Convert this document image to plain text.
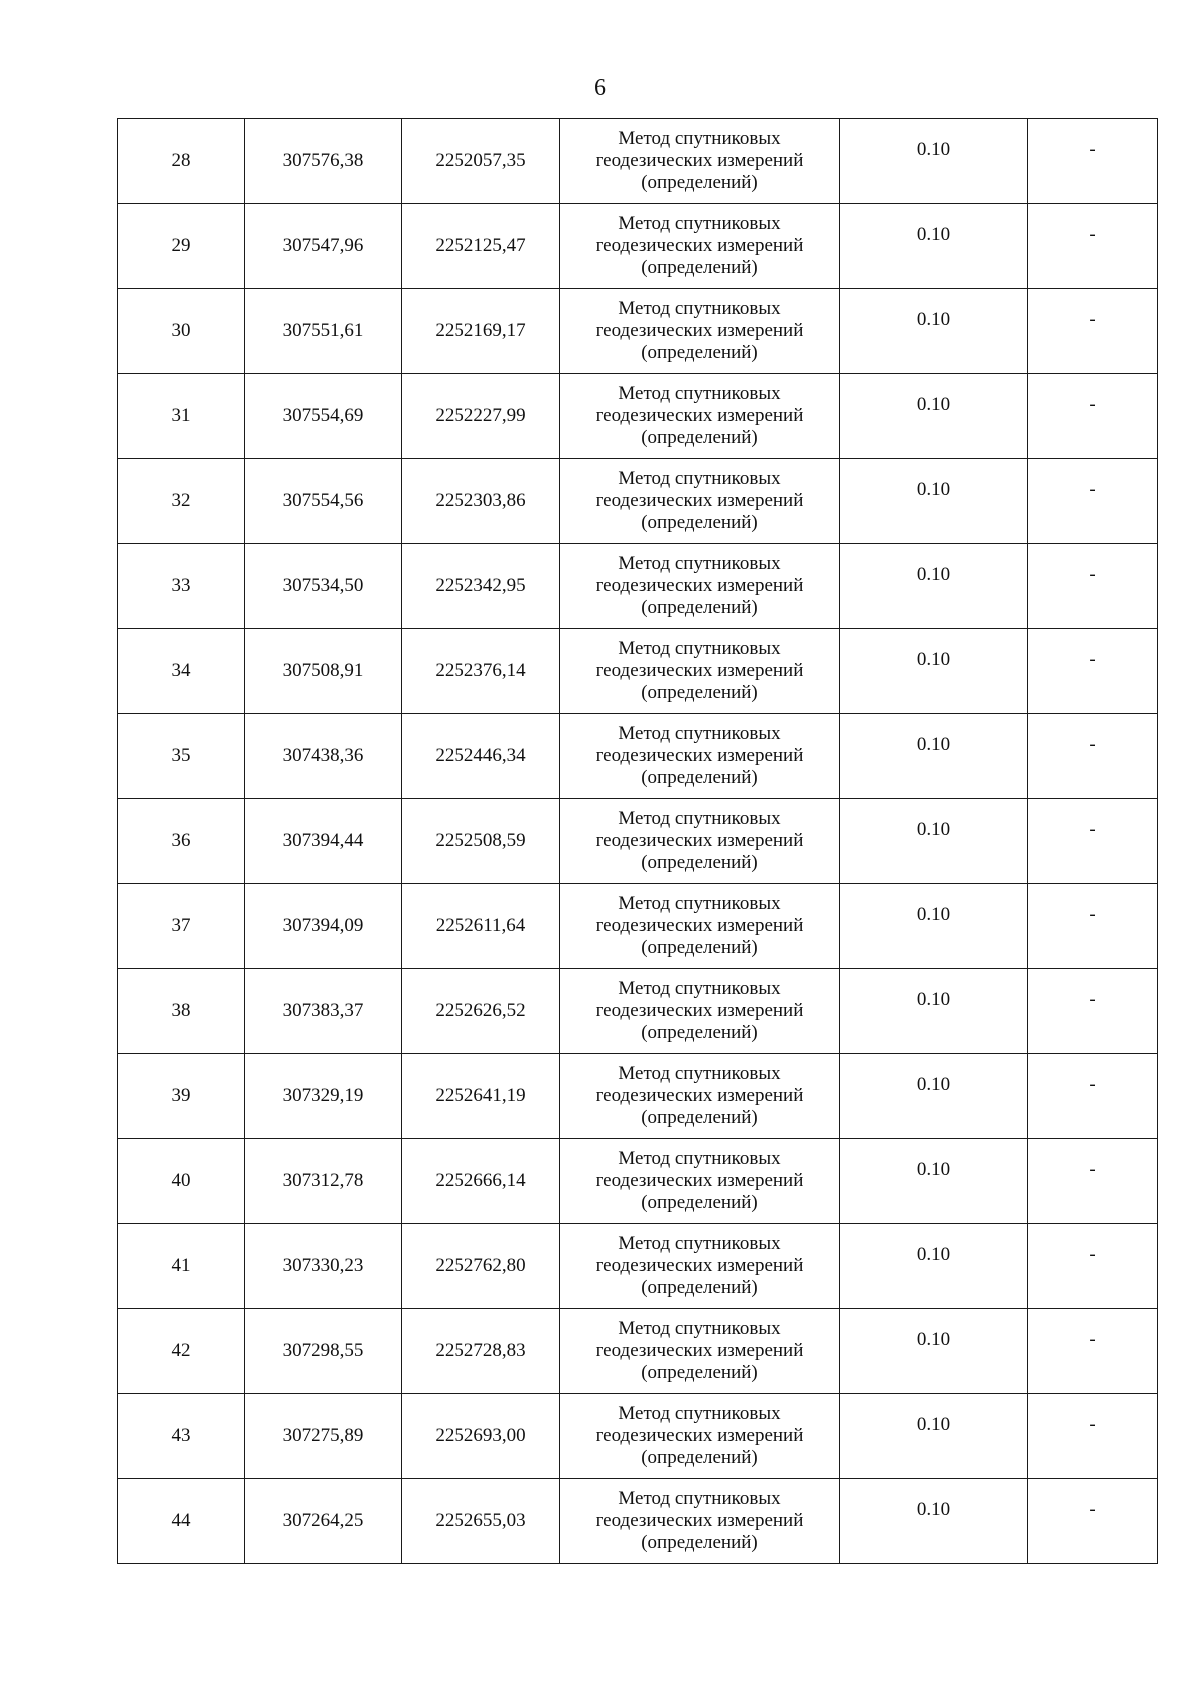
6
28	307576,38	2252057,35	Метод спутниковых
геодезических измерений
(определений)	0.10	-
29	307547,96	2252125,47	Метод спутниковых
геодезических измерений
(определений)	0.10	-
30	307551,61	2252169,17	Метод спутниковых
геодезических измерений
(определений)	0.10	-
31	307554,69	2252227,99	Метод спутниковых
геодезических измерений
(определений)	0.10	-
32	307554,56	2252303,86	Метод спутниковых
геодезических измерений
(определений)	0.10	-
33	307534,50	2252342,95	Метод спутниковых
геодезических измерений
(определений)	0.10	-
34	307508,91	2252376,14	Метод спутниковых
геодезических измерений
(определений)	0.10	-
35	307438,36	2252446,34	Метод спутниковых
геодезических измерений
(определений)	0.10	-
36	307394,44	2252508,59	Метод спутниковых
геодезических измерений
(определений)	0.10	-
37	307394,09	2252611,64	Метод спутниковых
геодезических измерений
(определений)	0.10	-
38	307383,37	2252626,52	Метод спутниковых
геодезических измерений
(определений)	0.10	-
39	307329,19	2252641,19	Метод спутниковых
геодезических измерений
(определений)	0.10	-
40	307312,78	2252666,14	Метод спутниковых
геодезических измерений
(определений)	0.10	-
41	307330,23	2252762,80	Метод спутниковых
геодезических измерений
(определений)	0.10	-
42	307298,55	2252728,83	Метод спутниковых
геодезических измерений
(определений)	0.10	-
43	307275,89	2252693,00	Метод спутниковых
геодезических измерений
(определений)	0.10	-
44	307264,25	2252655,03	Метод спутниковых
геодезических измерений
(определений)	0.10	-
